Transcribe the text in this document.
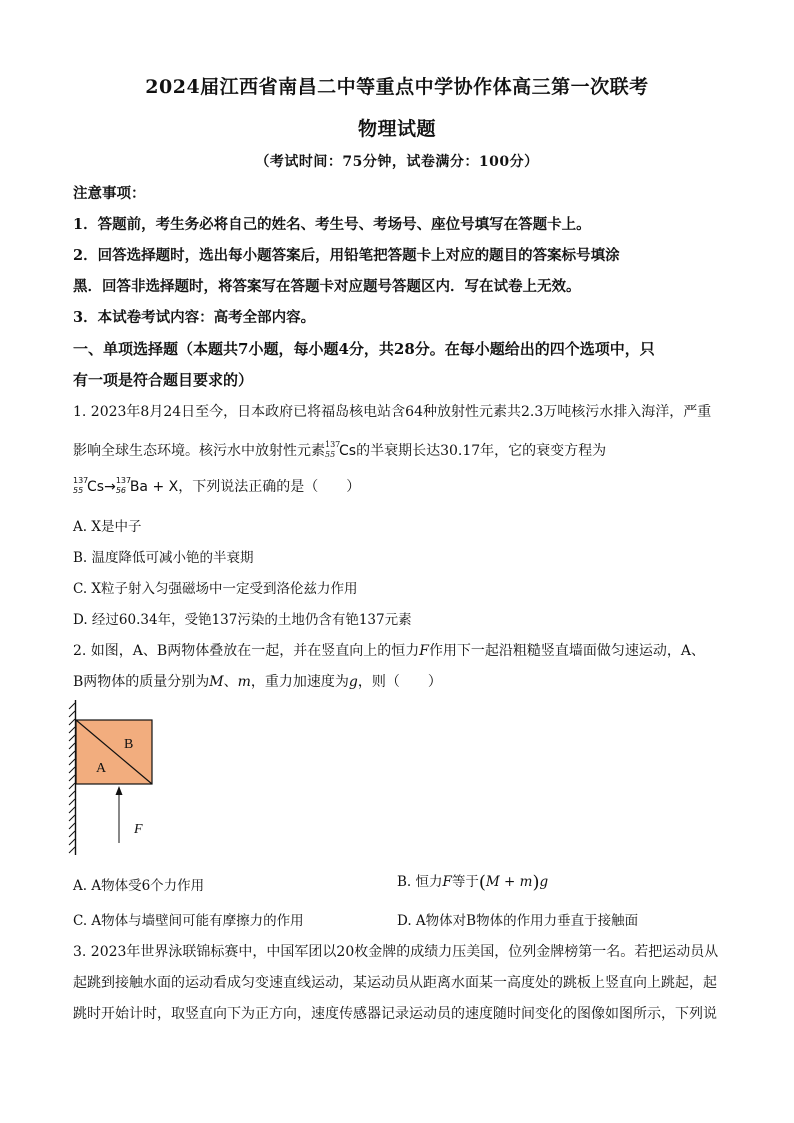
2024届江西省南昌二中等重点中学协作体高三第一次联考
物理试题
（考试时间：75分钟，试卷满分：100分）
注意事项：
1．答题前，考生务必将自己的姓名、考生号、考场号、座位号填写在答题卡上。
2．回答选择题时，选出每小题答案后，用铅笔把答题卡上对应的题目的答案标号填涂
黑．回答非选择题时，将答案写在答题卡对应题号答题区内．写在试卷上无效。
3．本试卷考试内容：高考全部内容。
一、单项选择题（本题共7小题，每小题4分，共28分。在每小题给出的四个选项中，只
有一项是符合题目要求的）
1. 2023年8月24日至今，日本政府已将福岛核电站含64种放射性元素共2.3万吨核污水排入海洋，严重
影响全球生态环境。核污水中放射性元素 137
55 Cs的半衰期长达30.17年，它的衰变方程为
137
55 Cs→ 137
56 Ba + X，下列说法正确的是（　　）
A. X是中子
B. 温度降低可减小铯的半衰期
C. X粒子射入匀强磁场中一定受到洛伦兹力作用
D. 经过60.34年，受铯137污染的土地仍含有铯137元素
2. 如图，A、B两物体叠放在一起，并在竖直向上的恒力F作用下一起沿粗糙竖直墙面做匀速运动，A、
B两物体的质量分别为M、m，重力加速度为g，则（　　）
B
A
F
A. A物体受6个力作用	B. 恒力F等于(M + m)g
C. A物体与墙壁间可能有摩擦力的作用	D. A物体对B物体的作用力垂直于接触面
3. 2023年世界泳联锦标赛中，中国军团以20枚金牌的成绩力压美国，位列金牌榜第一名。若把运动员从
起跳到接触水面的运动看成匀变速直线运动，某运动员从距离水面某一高度处的跳板上竖直向上跳起，起
跳时开始计时，取竖直向下为正方向，速度传感器记录运动员的速度随时间变化的图像如图所示，下列说
